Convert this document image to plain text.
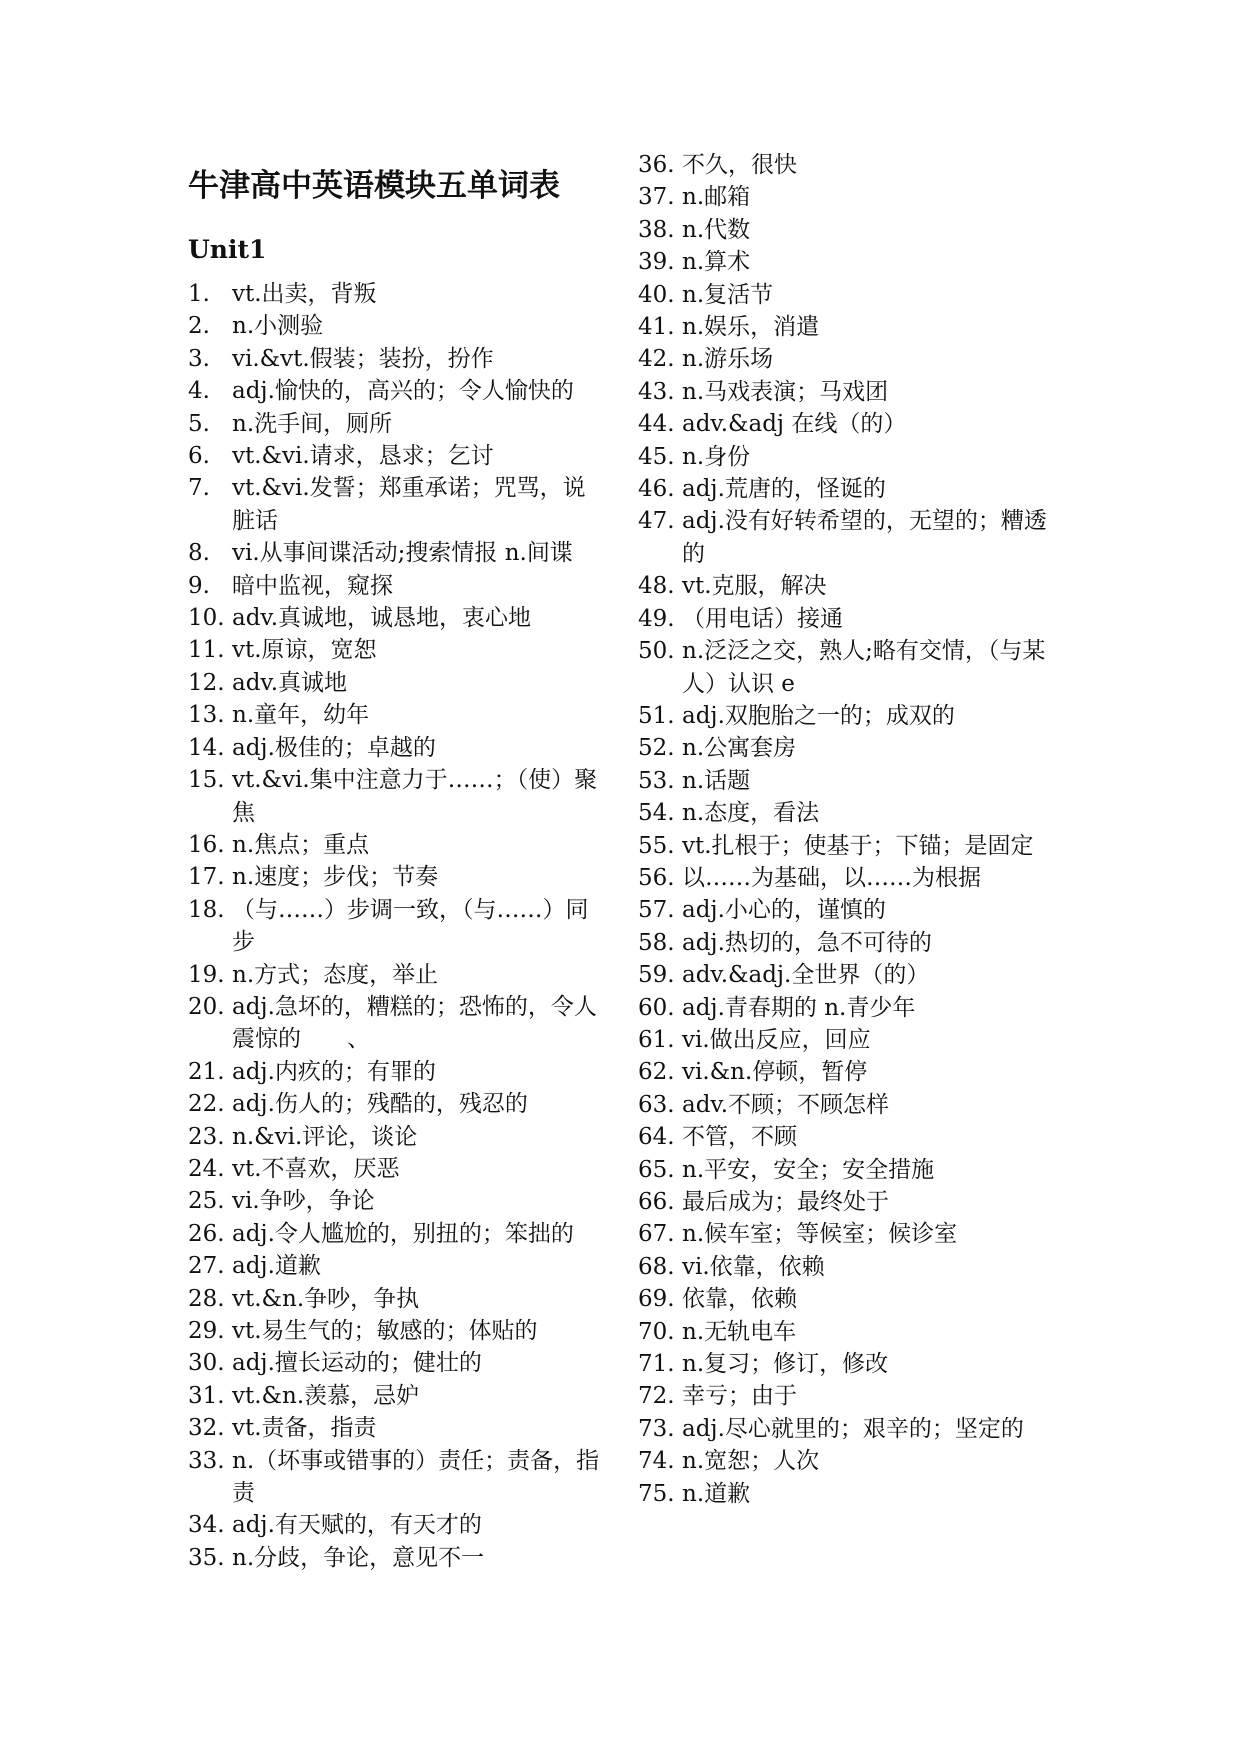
牛津高中英语模块五单词表
Unit1
1. vt.出卖，背叛
2. n.小测验
3. vi.&vt.假装；装扮，扮作
4. adj.愉快的，高兴的；令人愉快的
5. n.洗手间，厕所
6. vt.&vi.请求，恳求；乞讨
7. vt.&vi.发誓；郑重承诺；咒骂，说脏话
8. vi.从事间谍活动;搜索情报 n.间谍
9. 暗中监视，窥探
10. adv.真诚地，诚恳地，衷心地
11. vt.原谅，宽恕
12. adv.真诚地
13. n.童年，幼年
14. adj.极佳的；卓越的
15. vt.&vi.集中注意力于……；（使）聚焦
16. n.焦点；重点
17. n.速度；步伐；节奏
18. （与……）步调一致，（与……）同步
19. n.方式；态度，举止
20. adj.急坏的，糟糕的；恐怖的，令人震惊的　　、
21. adj.内疚的；有罪的
22. adj.伤人的；残酷的，残忍的
23. n.&vi.评论，谈论
24. vt.不喜欢，厌恶
25. vi.争吵，争论
26. adj.令人尴尬的，别扭的；笨拙的
27. adj.道歉
28. vt.&n.争吵，争执
29. vt.易生气的；敏感的；体贴的
30. adj.擅长运动的；健壮的
31. vt.&n.羡慕，忌妒
32. vt.责备，指责
33. n.（坏事或错事的）责任；责备，指责
34. adj.有天赋的，有天才的
35. n.分歧，争论，意见不一
36. 不久，很快
37. n.邮箱
38. n.代数
39. n.算术
40. n.复活节
41. n.娱乐，消遣
42. n.游乐场
43. n.马戏表演；马戏团
44. adv.&adj 在线（的）
45. n.身份
46. adj.荒唐的，怪诞的
47. adj.没有好转希望的，无望的；糟透的
48. vt.克服，解决
49. （用电话）接通
50. n.泛泛之交，熟人;略有交情，（与某人）认识 e
51. adj.双胞胎之一的；成双的
52. n.公寓套房
53. n.话题
54. n.态度，看法
55. vt.扎根于；使基于；下锚；是固定
56. 以……为基础，以……为根据
57. adj.小心的，谨慎的
58. adj.热切的，急不可待的
59. adv.&adj.全世界（的）
60. adj.青春期的 n.青少年
61. vi.做出反应，回应
62. vi.&n.停顿，暂停
63. adv.不顾；不顾怎样
64. 不管，不顾
65. n.平安，安全；安全措施
66. 最后成为；最终处于
67. n.候车室；等候室；候诊室
68. vi.依靠，依赖
69. 依靠，依赖
70. n.无轨电车
71. n.复习；修订，修改
72. 幸亏；由于
73. adj.尽心就里的；艰辛的；坚定的
74. n.宽恕；人次
75. n.道歉
